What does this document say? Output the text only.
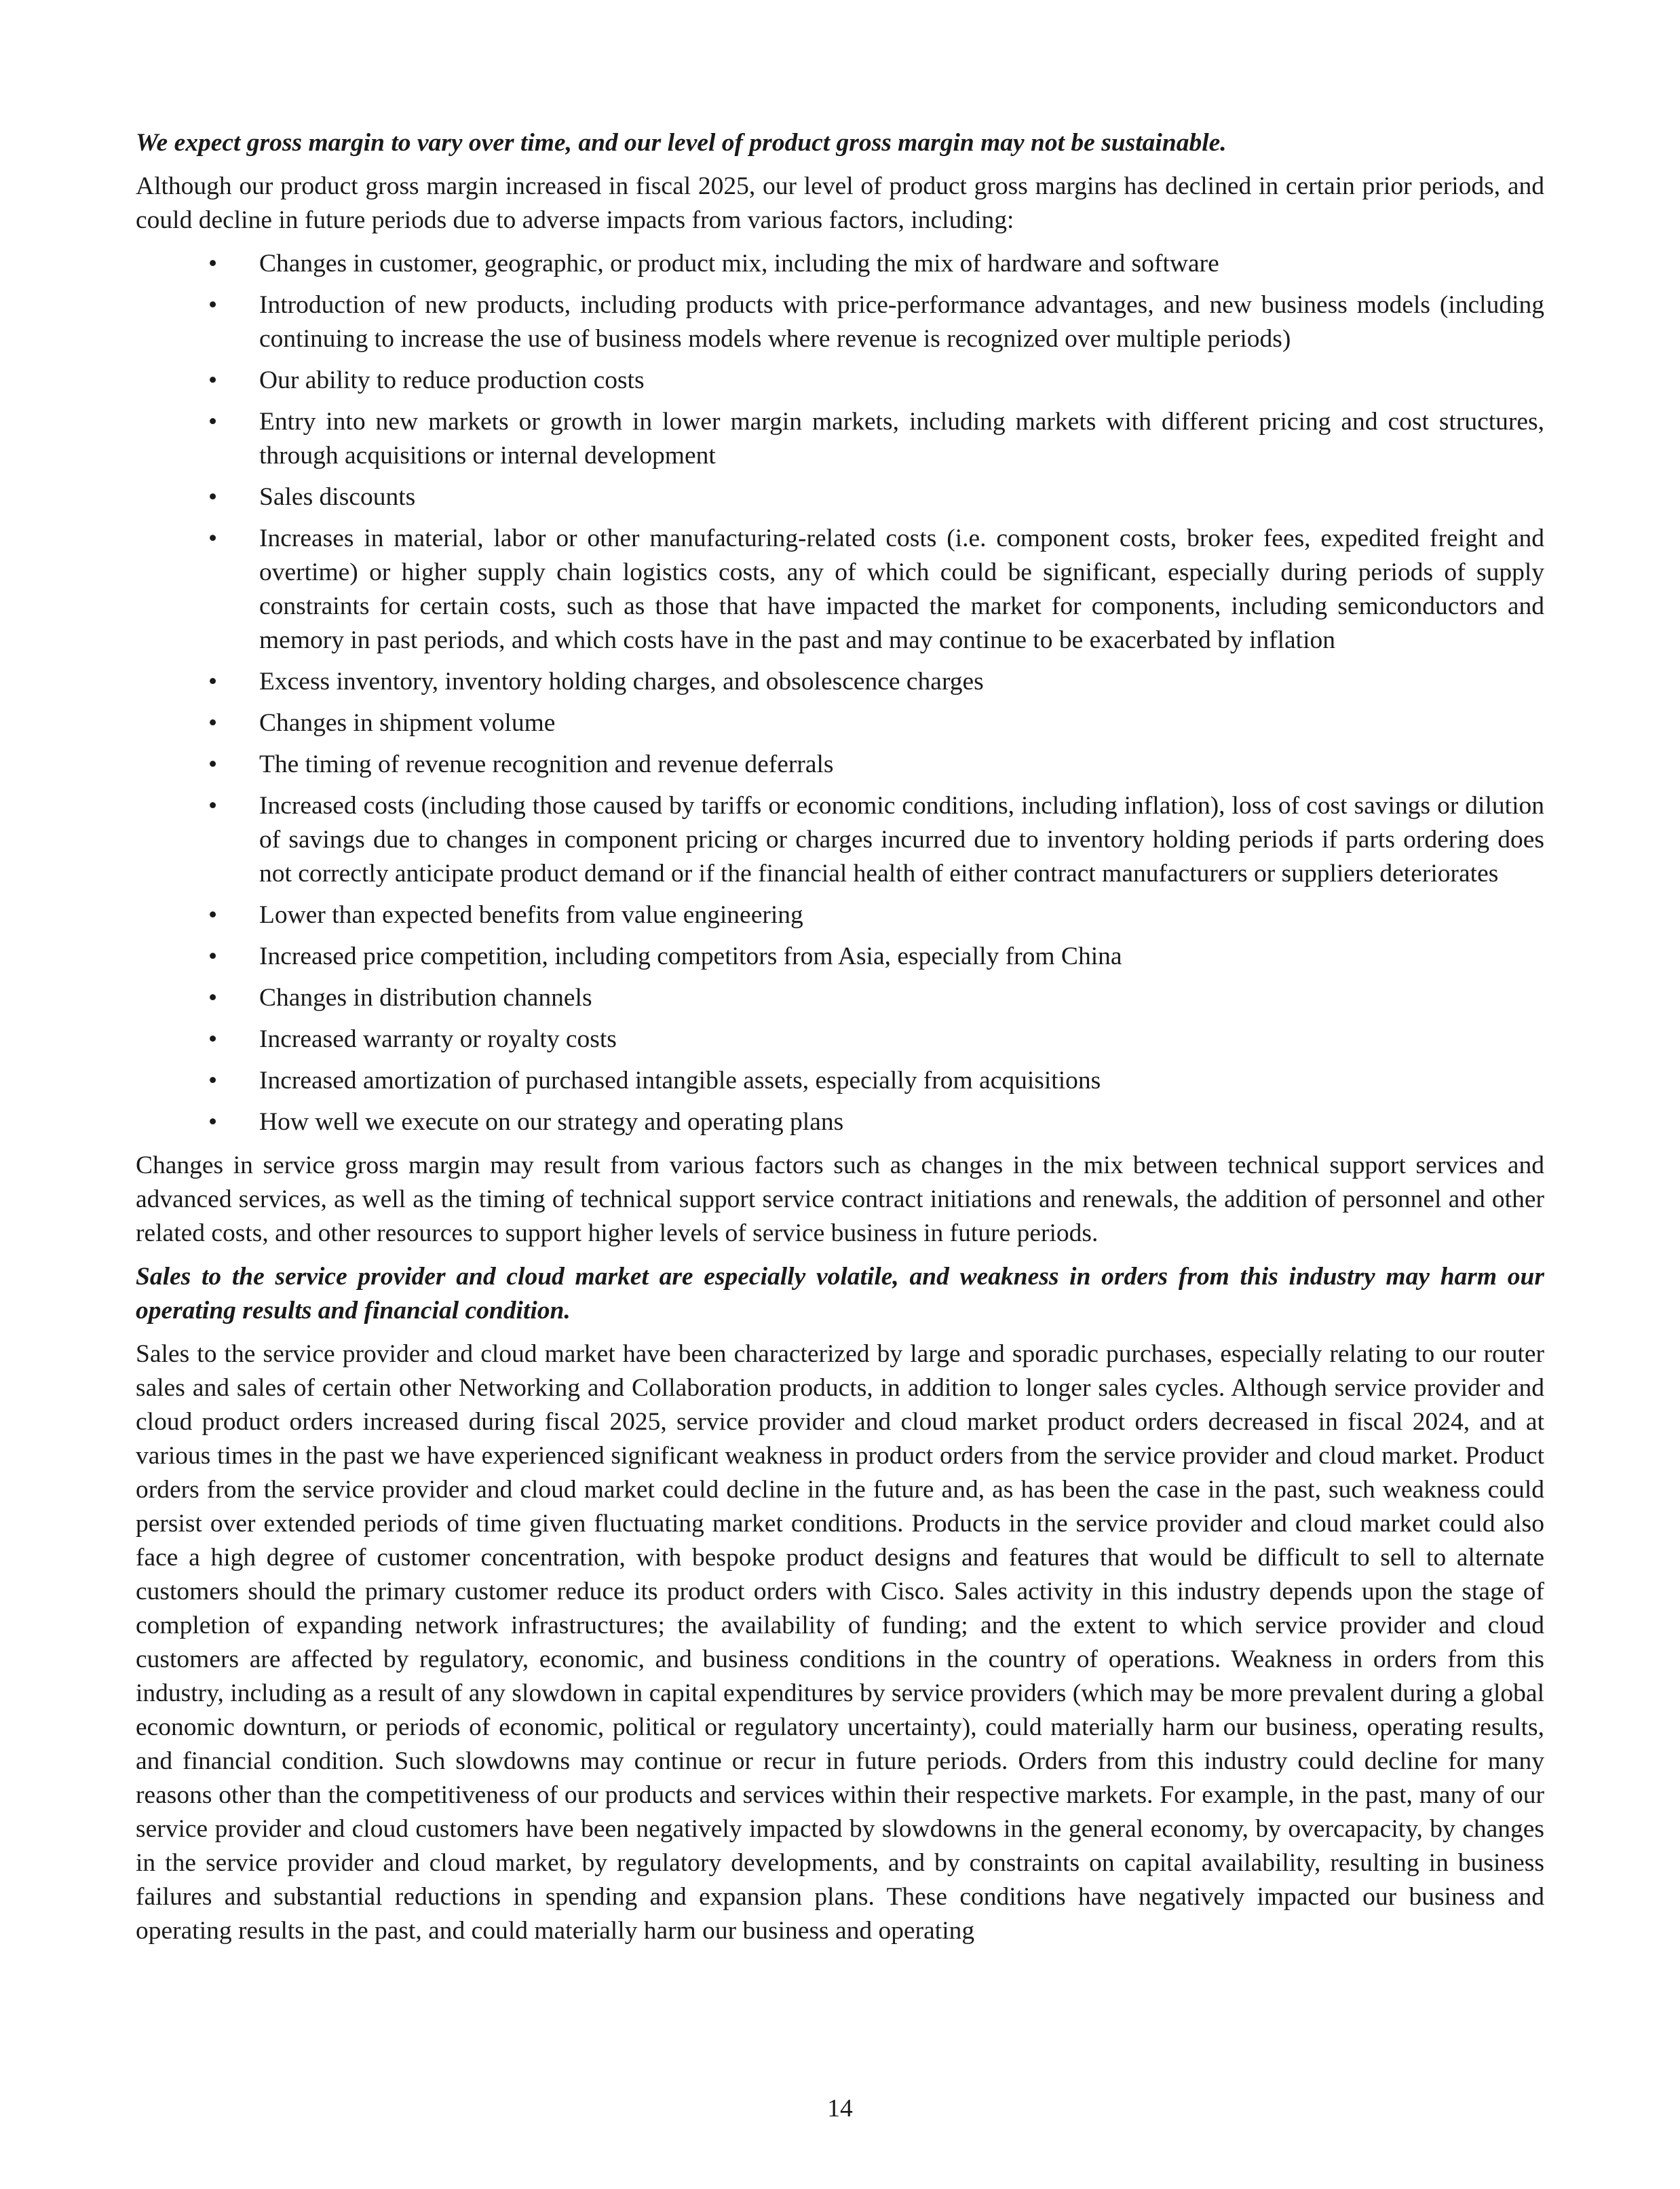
We expect gross margin to vary over time, and our level of product gross margin may not be sustainable.

Although our product gross margin increased in fiscal 2025, our level of product gross margins has declined in certain prior periods, and could decline in future periods due to adverse impacts from various factors, including:

• Changes in customer, geographic, or product mix, including the mix of hardware and software
• Introduction of new products, including products with price-performance advantages, and new business models (including continuing to increase the use of business models where revenue is recognized over multiple periods)
• Our ability to reduce production costs
• Entry into new markets or growth in lower margin markets, including markets with different pricing and cost structures, through acquisitions or internal development
• Sales discounts
• Increases in material, labor or other manufacturing-related costs (i.e. component costs, broker fees, expedited freight and overtime) or higher supply chain logistics costs, any of which could be significant, especially during periods of supply constraints for certain costs, such as those that have impacted the market for components, including semiconductors and memory in past periods, and which costs have in the past and may continue to be exacerbated by inflation
• Excess inventory, inventory holding charges, and obsolescence charges
• Changes in shipment volume
• The timing of revenue recognition and revenue deferrals
• Increased costs (including those caused by tariffs or economic conditions, including inflation), loss of cost savings or dilution of savings due to changes in component pricing or charges incurred due to inventory holding periods if parts ordering does not correctly anticipate product demand or if the financial health of either contract manufacturers or suppliers deteriorates
• Lower than expected benefits from value engineering
• Increased price competition, including competitors from Asia, especially from China
• Changes in distribution channels
• Increased warranty or royalty costs
• Increased amortization of purchased intangible assets, especially from acquisitions
• How well we execute on our strategy and operating plans

Changes in service gross margin may result from various factors such as changes in the mix between technical support services and advanced services, as well as the timing of technical support service contract initiations and renewals, the addition of personnel and other related costs, and other resources to support higher levels of service business in future periods.

Sales to the service provider and cloud market are especially volatile, and weakness in orders from this industry may harm our operating results and financial condition.

Sales to the service provider and cloud market have been characterized by large and sporadic purchases, especially relating to our router sales and sales of certain other Networking and Collaboration products, in addition to longer sales cycles. Although service provider and cloud product orders increased during fiscal 2025, service provider and cloud market product orders decreased in fiscal 2024, and at various times in the past we have experienced significant weakness in product orders from the service provider and cloud market. Product orders from the service provider and cloud market could decline in the future and, as has been the case in the past, such weakness could persist over extended periods of time given fluctuating market conditions. Products in the service provider and cloud market could also face a high degree of customer concentration, with bespoke product designs and features that would be difficult to sell to alternate customers should the primary customer reduce its product orders with Cisco. Sales activity in this industry depends upon the stage of completion of expanding network infrastructures; the availability of funding; and the extent to which service provider and cloud customers are affected by regulatory, economic, and business conditions in the country of operations. Weakness in orders from this industry, including as a result of any slowdown in capital expenditures by service providers (which may be more prevalent during a global economic downturn, or periods of economic, political or regulatory uncertainty), could materially harm our business, operating results, and financial condition. Such slowdowns may continue or recur in future periods. Orders from this industry could decline for many reasons other than the competitiveness of our products and services within their respective markets. For example, in the past, many of our service provider and cloud customers have been negatively impacted by slowdowns in the general economy, by overcapacity, by changes in the service provider and cloud market, by regulatory developments, and by constraints on capital availability, resulting in business failures and substantial reductions in spending and expansion plans. These conditions have negatively impacted our business and operating results in the past, and could materially harm our business and operating

14
